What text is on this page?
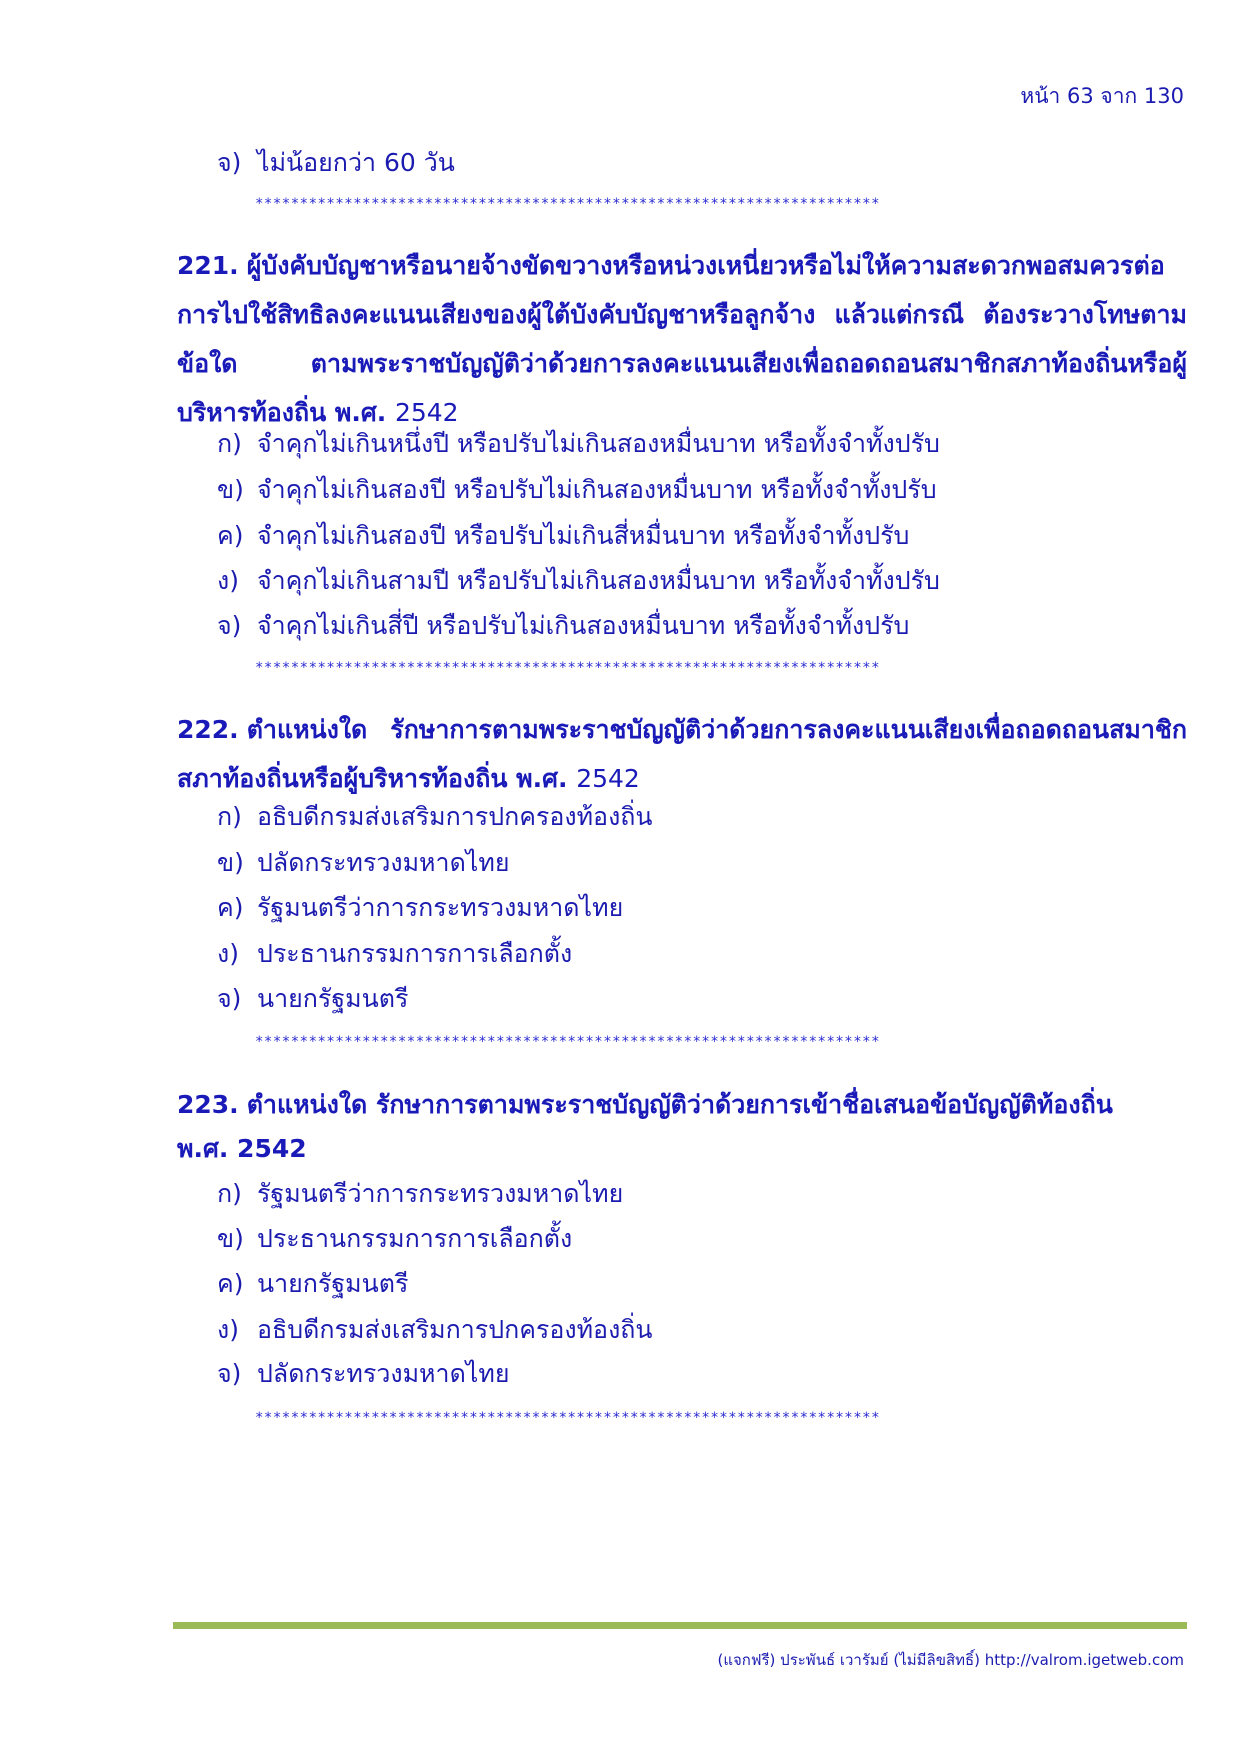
หน้า 63 จาก 130
จ) ไม่น้อยกว่า 60 วัน
**********************************************************************
221. ผู้บังคับบัญชาหรือนายจ้างขัดขวางหรือหน่วงเหนี่ยวหรือไม่ให้ความสะดวกพอสมควรต่อการไปใช้สิทธิลงคะแนนเสียงของผู้ใต้บังคับบัญชาหรือลูกจ้าง แล้วแต่กรณี ต้องระวางโทษตามข้อใด ตามพระราชบัญญัติว่าด้วยการลงคะแนนเสียงเพื่อถอดถอนสมาชิกสภาท้องถิ่นหรือผู้บริหารท้องถิ่น พ.ศ. 2542
ก) จำคุกไม่เกินหนึ่งปี หรือปรับไม่เกินสองหมื่นบาท หรือทั้งจำทั้งปรับ
ข) จำคุกไม่เกินสองปี หรือปรับไม่เกินสองหมื่นบาท หรือทั้งจำทั้งปรับ
ค) จำคุกไม่เกินสองปี หรือปรับไม่เกินสี่หมื่นบาท หรือทั้งจำทั้งปรับ
ง) จำคุกไม่เกินสามปี หรือปรับไม่เกินสองหมื่นบาท หรือทั้งจำทั้งปรับ
จ) จำคุกไม่เกินสี่ปี หรือปรับไม่เกินสองหมื่นบาท หรือทั้งจำทั้งปรับ
**********************************************************************
222. ตำแหน่งใด รักษาการตามพระราชบัญญัติว่าด้วยการลงคะแนนเสียงเพื่อถอดถอนสมาชิกสภาท้องถิ่นหรือผู้บริหารท้องถิ่น พ.ศ. 2542
ก) อธิบดีกรมส่งเสริมการปกครองท้องถิ่น
ข) ปลัดกระทรวงมหาดไทย
ค) รัฐมนตรีว่าการกระทรวงมหาดไทย
ง) ประธานกรรมการการเลือกตั้ง
จ) นายกรัฐมนตรี
**********************************************************************
223. ตำแหน่งใด รักษาการตามพระราชบัญญัติว่าด้วยการเข้าชื่อเสนอข้อบัญญัติท้องถิ่น
พ.ศ. 2542
ก) รัฐมนตรีว่าการกระทรวงมหาดไทย
ข) ประธานกรรมการการเลือกตั้ง
ค) นายกรัฐมนตรี
ง) อธิบดีกรมส่งเสริมการปกครองท้องถิ่น
จ) ปลัดกระทรวงมหาดไทย
**********************************************************************
(แจกฟรี) ประพันธ์ เวารัมย์ (ไม่มีลิขสิทธิ์) http://valrom.igetweb.com
